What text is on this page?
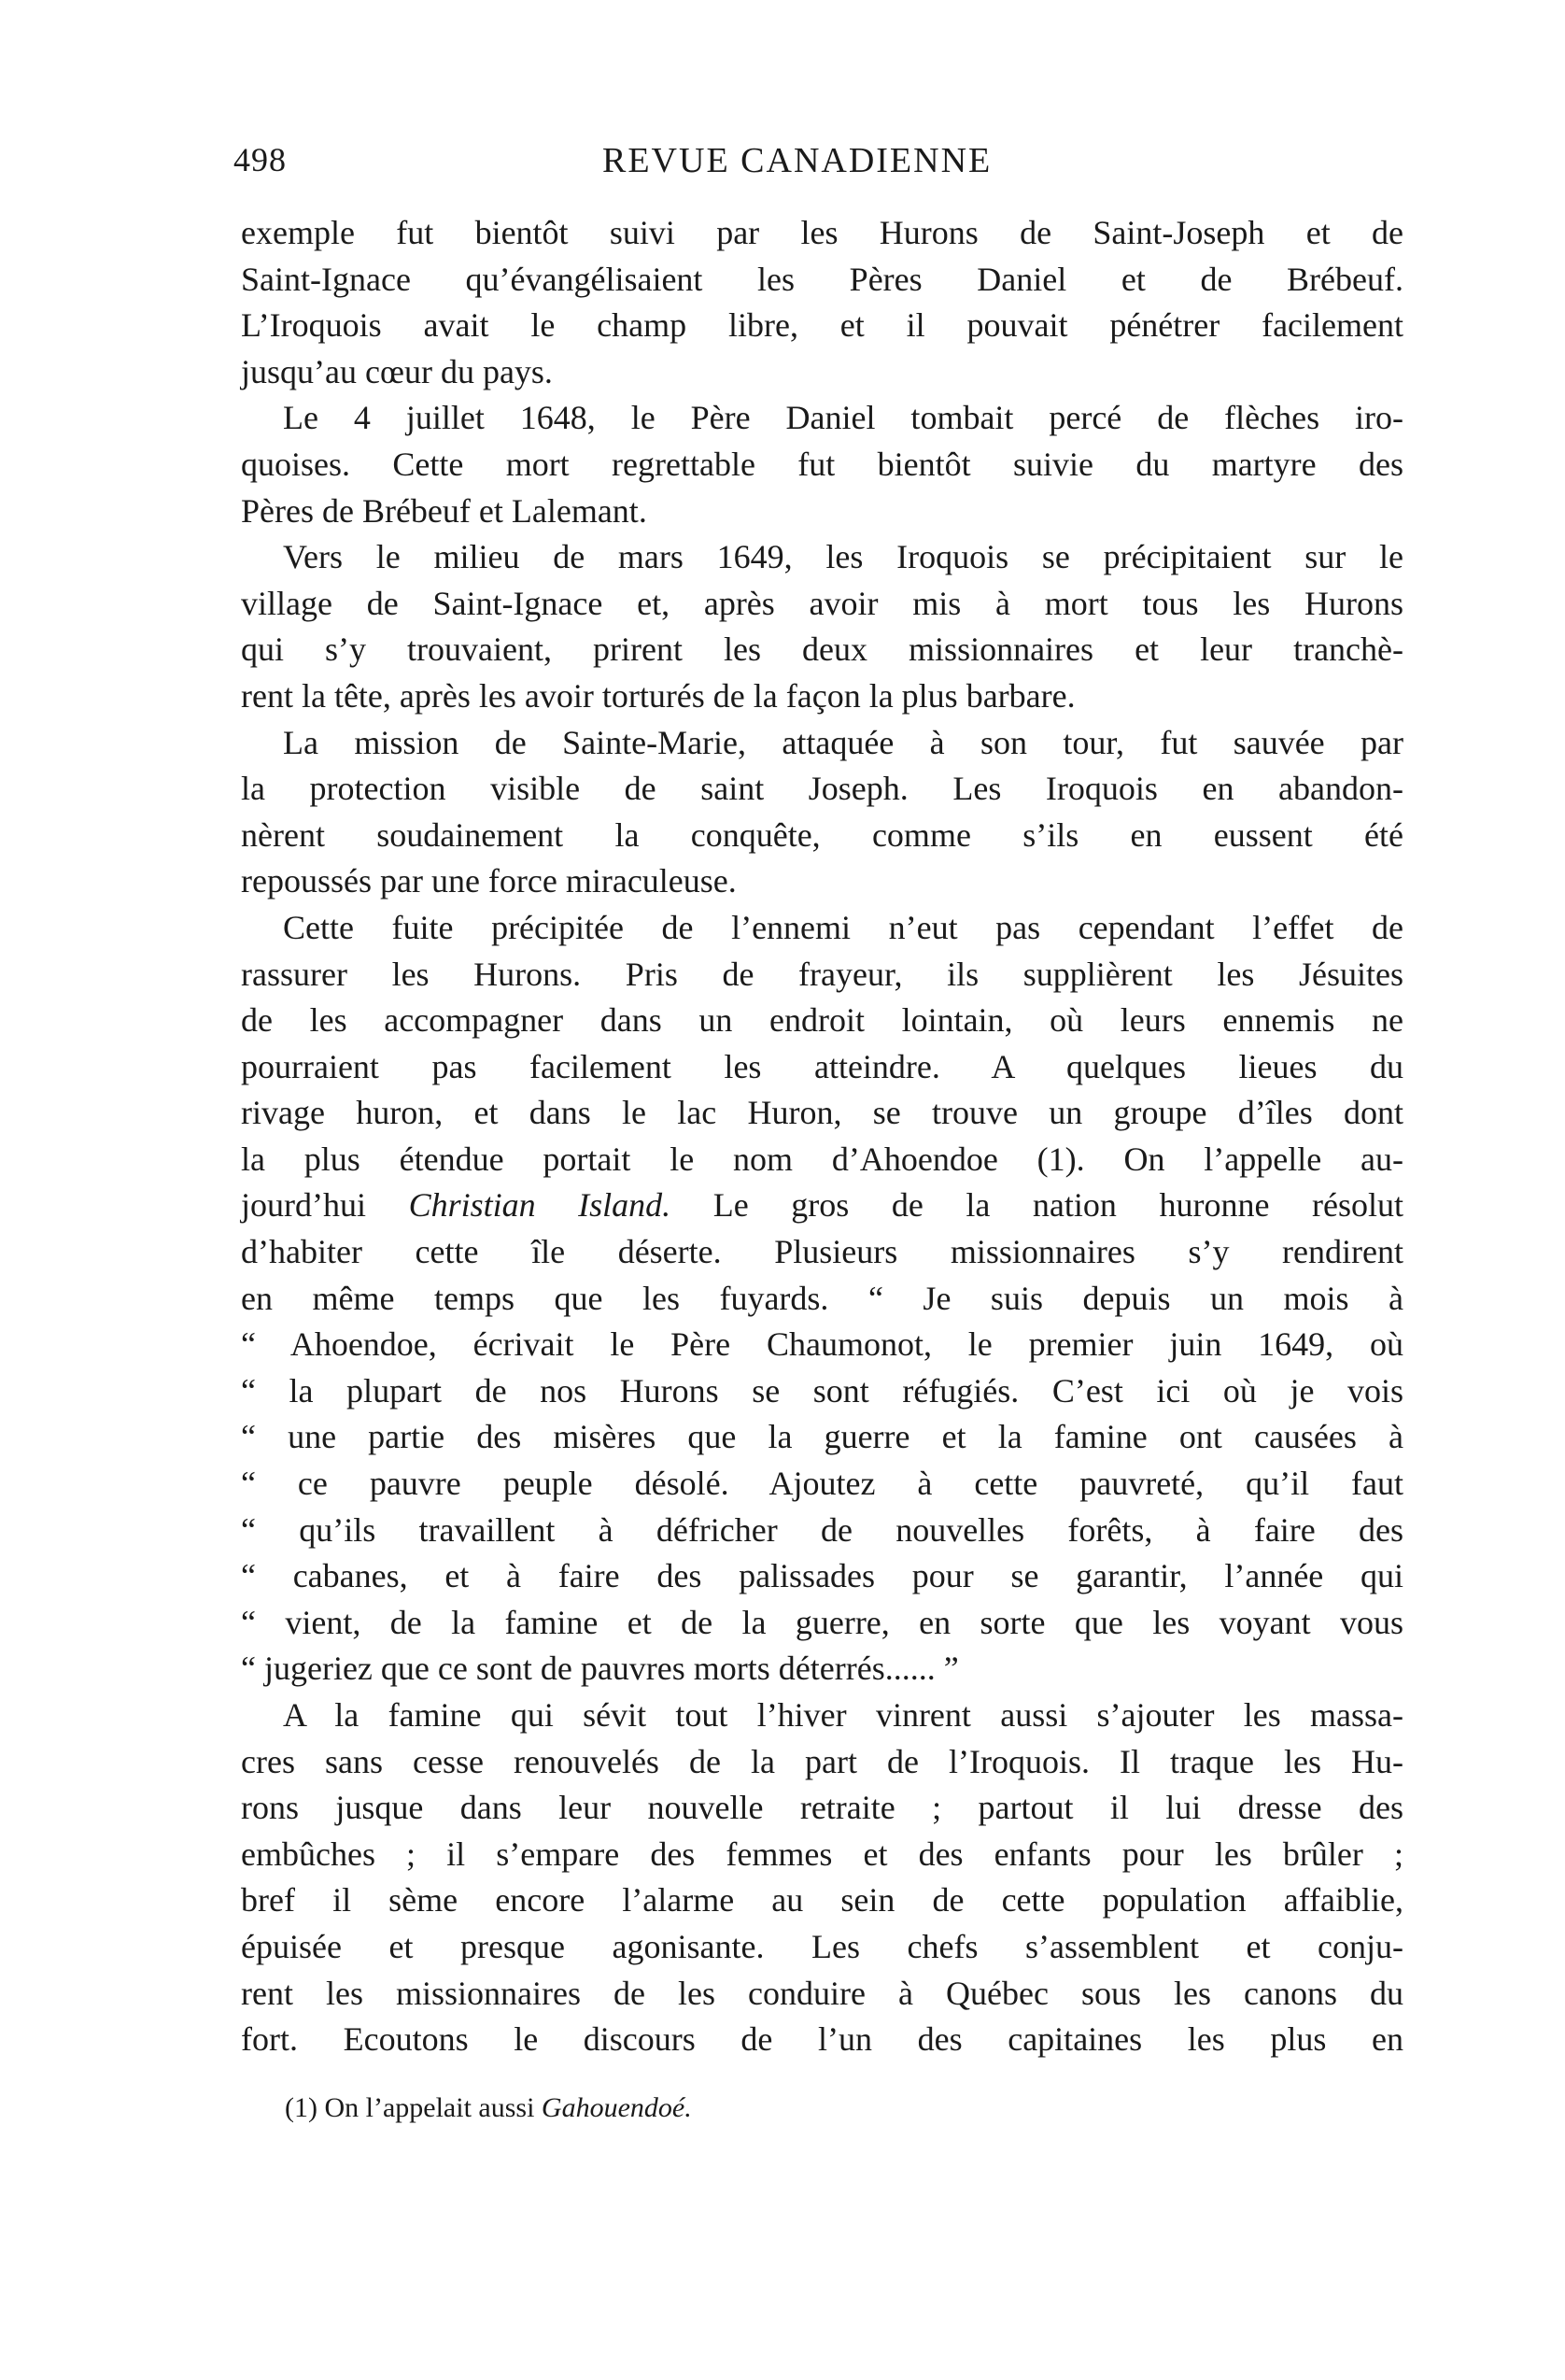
498	REVUE CANADIENNE
exemple fut bientôt suivi par les Hurons de Saint-Joseph et de
Saint-Ignace qu’évangélisaient les Pères Daniel et de Brébeuf.
L’Iroquois avait le champ libre, et il pouvait pénétrer facilement
jusqu’au cœur du pays.
Le 4 juillet 1648, le Père Daniel tombait percé de flèches iro-
quoises. Cette mort regrettable fut bientôt suivie du martyre des
Pères de Brébeuf et Lalemant.
Vers le milieu de mars 1649, les Iroquois se précipitaient sur le
village de Saint-Ignace et, après avoir mis à mort tous les Hurons
qui s’y trouvaient, prirent les deux missionnaires et leur tranchè-
rent la tête, après les avoir torturés de la façon la plus barbare.
La mission de Sainte-Marie, attaquée à son tour, fut sauvée par
la protection visible de saint Joseph. Les Iroquois en abandon-
nèrent soudainement la conquête, comme s’ils en eussent été
repoussés par une force miraculeuse.
Cette fuite précipitée de l’ennemi n’eut pas cependant l’effet de
rassurer les Hurons. Pris de frayeur, ils supplièrent les Jésuites
de les accompagner dans un endroit lointain, où leurs ennemis ne
pourraient pas facilement les atteindre. A quelques lieues du
rivage huron, et dans le lac Huron, se trouve un groupe d’îles dont
la plus étendue portait le nom d’Ahoendoe (1). On l’appelle au-
jourd’hui Christian Island. Le gros de la nation huronne résolut
d’habiter cette île déserte. Plusieurs missionnaires s’y rendirent
en même temps que les fuyards. “ Je suis depuis un mois à
“ Ahoendoe, écrivait le Père Chaumonot, le premier juin 1649, où
“ la plupart de nos Hurons se sont réfugiés. C’est ici où je vois
“ une partie des misères que la guerre et la famine ont causées à
“ ce pauvre peuple désolé. Ajoutez à cette pauvreté, qu’il faut
“ qu’ils travaillent à défricher de nouvelles forêts, à faire des
“ cabanes, et à faire des palissades pour se garantir, l’année qui
“ vient, de la famine et de la guerre, en sorte que les voyant vous
“ jugeriez que ce sont de pauvres morts déterrés...... ”
A la famine qui sévit tout l’hiver vinrent aussi s’ajouter les massa-
cres sans cesse renouvelés de la part de l’Iroquois. Il traque les Hu-
rons jusque dans leur nouvelle retraite ; partout il lui dresse des
embûches ; il s’empare des femmes et des enfants pour les brûler ;
bref il sème encore l’alarme au sein de cette population affaiblie,
épuisée et presque agonisante. Les chefs s’assemblent et conju-
rent les missionnaires de les conduire à Québec sous les canons du
fort. Ecoutons le discours de l’un des capitaines les plus en
(1) On l’appelait aussi Gahouendoé.
